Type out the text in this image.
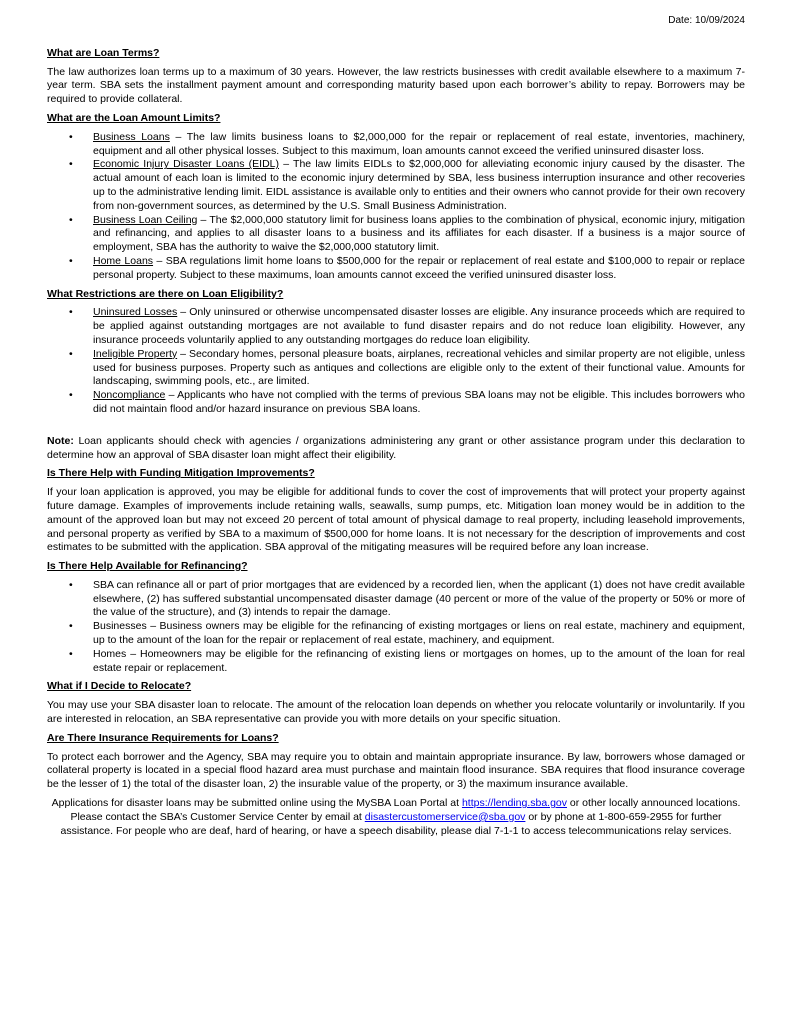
Date: 10/09/2024
What are Loan Terms?

The law authorizes loan terms up to a maximum of 30 years. However, the law restricts businesses with credit available elsewhere to a maximum 7-year term. SBA sets the installment payment amount and corresponding maturity based upon each borrower’s ability to repay. Borrowers may be required to provide collateral.

What are the Loan Amount Limits?
• Business Loans – The law limits business loans to $2,000,000 for the repair or replacement of real estate, inventories, machinery, equipment and all other physical losses. Subject to this maximum, loan amounts cannot exceed the verified uninsured disaster loss.
• Economic Injury Disaster Loans (EIDL) – The law limits EIDLs to $2,000,000 for alleviating economic injury caused by the disaster. The actual amount of each loan is limited to the economic injury determined by SBA, less business interruption insurance and other recoveries up to the administrative lending limit. EIDL assistance is available only to entities and their owners who cannot provide for their own recovery from non-government sources, as determined by the U.S. Small Business Administration.
• Business Loan Ceiling – The $2,000,000 statutory limit for business loans applies to the combination of physical, economic injury, mitigation and refinancing, and applies to all disaster loans to a business and its affiliates for each disaster. If a business is a major source of employment, SBA has the authority to waive the $2,000,000 statutory limit.
• Home Loans – SBA regulations limit home loans to $500,000 for the repair or replacement of real estate and $100,000 to repair or replace personal property. Subject to these maximums, loan amounts cannot exceed the verified uninsured disaster loss.
What Restrictions are there on Loan Eligibility?
• Uninsured Losses – Only uninsured or otherwise uncompensated disaster losses are eligible. Any insurance proceeds which are required to be applied against outstanding mortgages are not available to fund disaster repairs and do not reduce loan eligibility. However, any insurance proceeds voluntarily applied to any outstanding mortgages do reduce loan eligibility.
• Ineligible Property – Secondary homes, personal pleasure boats, airplanes, recreational vehicles and similar property are not eligible, unless used for business purposes. Property such as antiques and collections are eligible only to the extent of their functional value. Amounts for landscaping, swimming pools, etc., are limited.
• Noncompliance – Applicants who have not complied with the terms of previous SBA loans may not be eligible. This includes borrowers who did not maintain flood and/or hazard insurance on previous SBA loans.

Note: Loan applicants should check with agencies / organizations administering any grant or other assistance program under this declaration to determine how an approval of SBA disaster loan might affect their eligibility.

Is There Help with Funding Mitigation Improvements?

If your loan application is approved, you may be eligible for additional funds to cover the cost of improvements that will protect your property against future damage. Examples of improvements include retaining walls, seawalls, sump pumps, etc. Mitigation loan money would be in addition to the amount of the approved loan but may not exceed 20 percent of total amount of physical damage to real property, including leasehold improvements, and personal property as verified by SBA to a maximum of $500,000 for home loans. It is not necessary for the description of improvements and cost estimates to be submitted with the application. SBA approval of the mitigating measures will be required before any loan increase.

Is There Help Available for Refinancing?
• SBA can refinance all or part of prior mortgages that are evidenced by a recorded lien, when the applicant (1) does not have credit available elsewhere, (2) has suffered substantial uncompensated disaster damage (40 percent or more of the value of the property or 50% or more of the value of the structure), and (3) intends to repair the damage.
• Businesses – Business owners may be eligible for the refinancing of existing mortgages or liens on real estate, machinery and equipment, up to the amount of the loan for the repair or replacement of real estate, machinery, and equipment.
• Homes – Homeowners may be eligible for the refinancing of existing liens or mortgages on homes, up to the amount of the loan for real estate repair or replacement.
What if I Decide to Relocate?

You may use your SBA disaster loan to relocate. The amount of the relocation loan depends on whether you relocate voluntarily or involuntarily. If you are interested in relocation, an SBA representative can provide you with more details on your specific situation.

Are There Insurance Requirements for Loans?

To protect each borrower and the Agency, SBA may require you to obtain and maintain appropriate insurance. By law, borrowers whose damaged or collateral property is located in a special flood hazard area must purchase and maintain flood insurance. SBA requires that flood insurance coverage be the lesser of 1) the total of the disaster loan, 2) the insurable value of the property, or 3) the maximum insurance available.

Applications for disaster loans may be submitted online using the MySBA Loan Portal at https://lending.sba.gov or other locally announced locations. Please contact the SBA’s Customer Service Center by email at disastercustomerservice@sba.gov or by phone at 1-800-659-2955 for further assistance. For people who are deaf, hard of hearing, or have a speech disability, please dial 7-1-1 to access telecommunications relay services.
